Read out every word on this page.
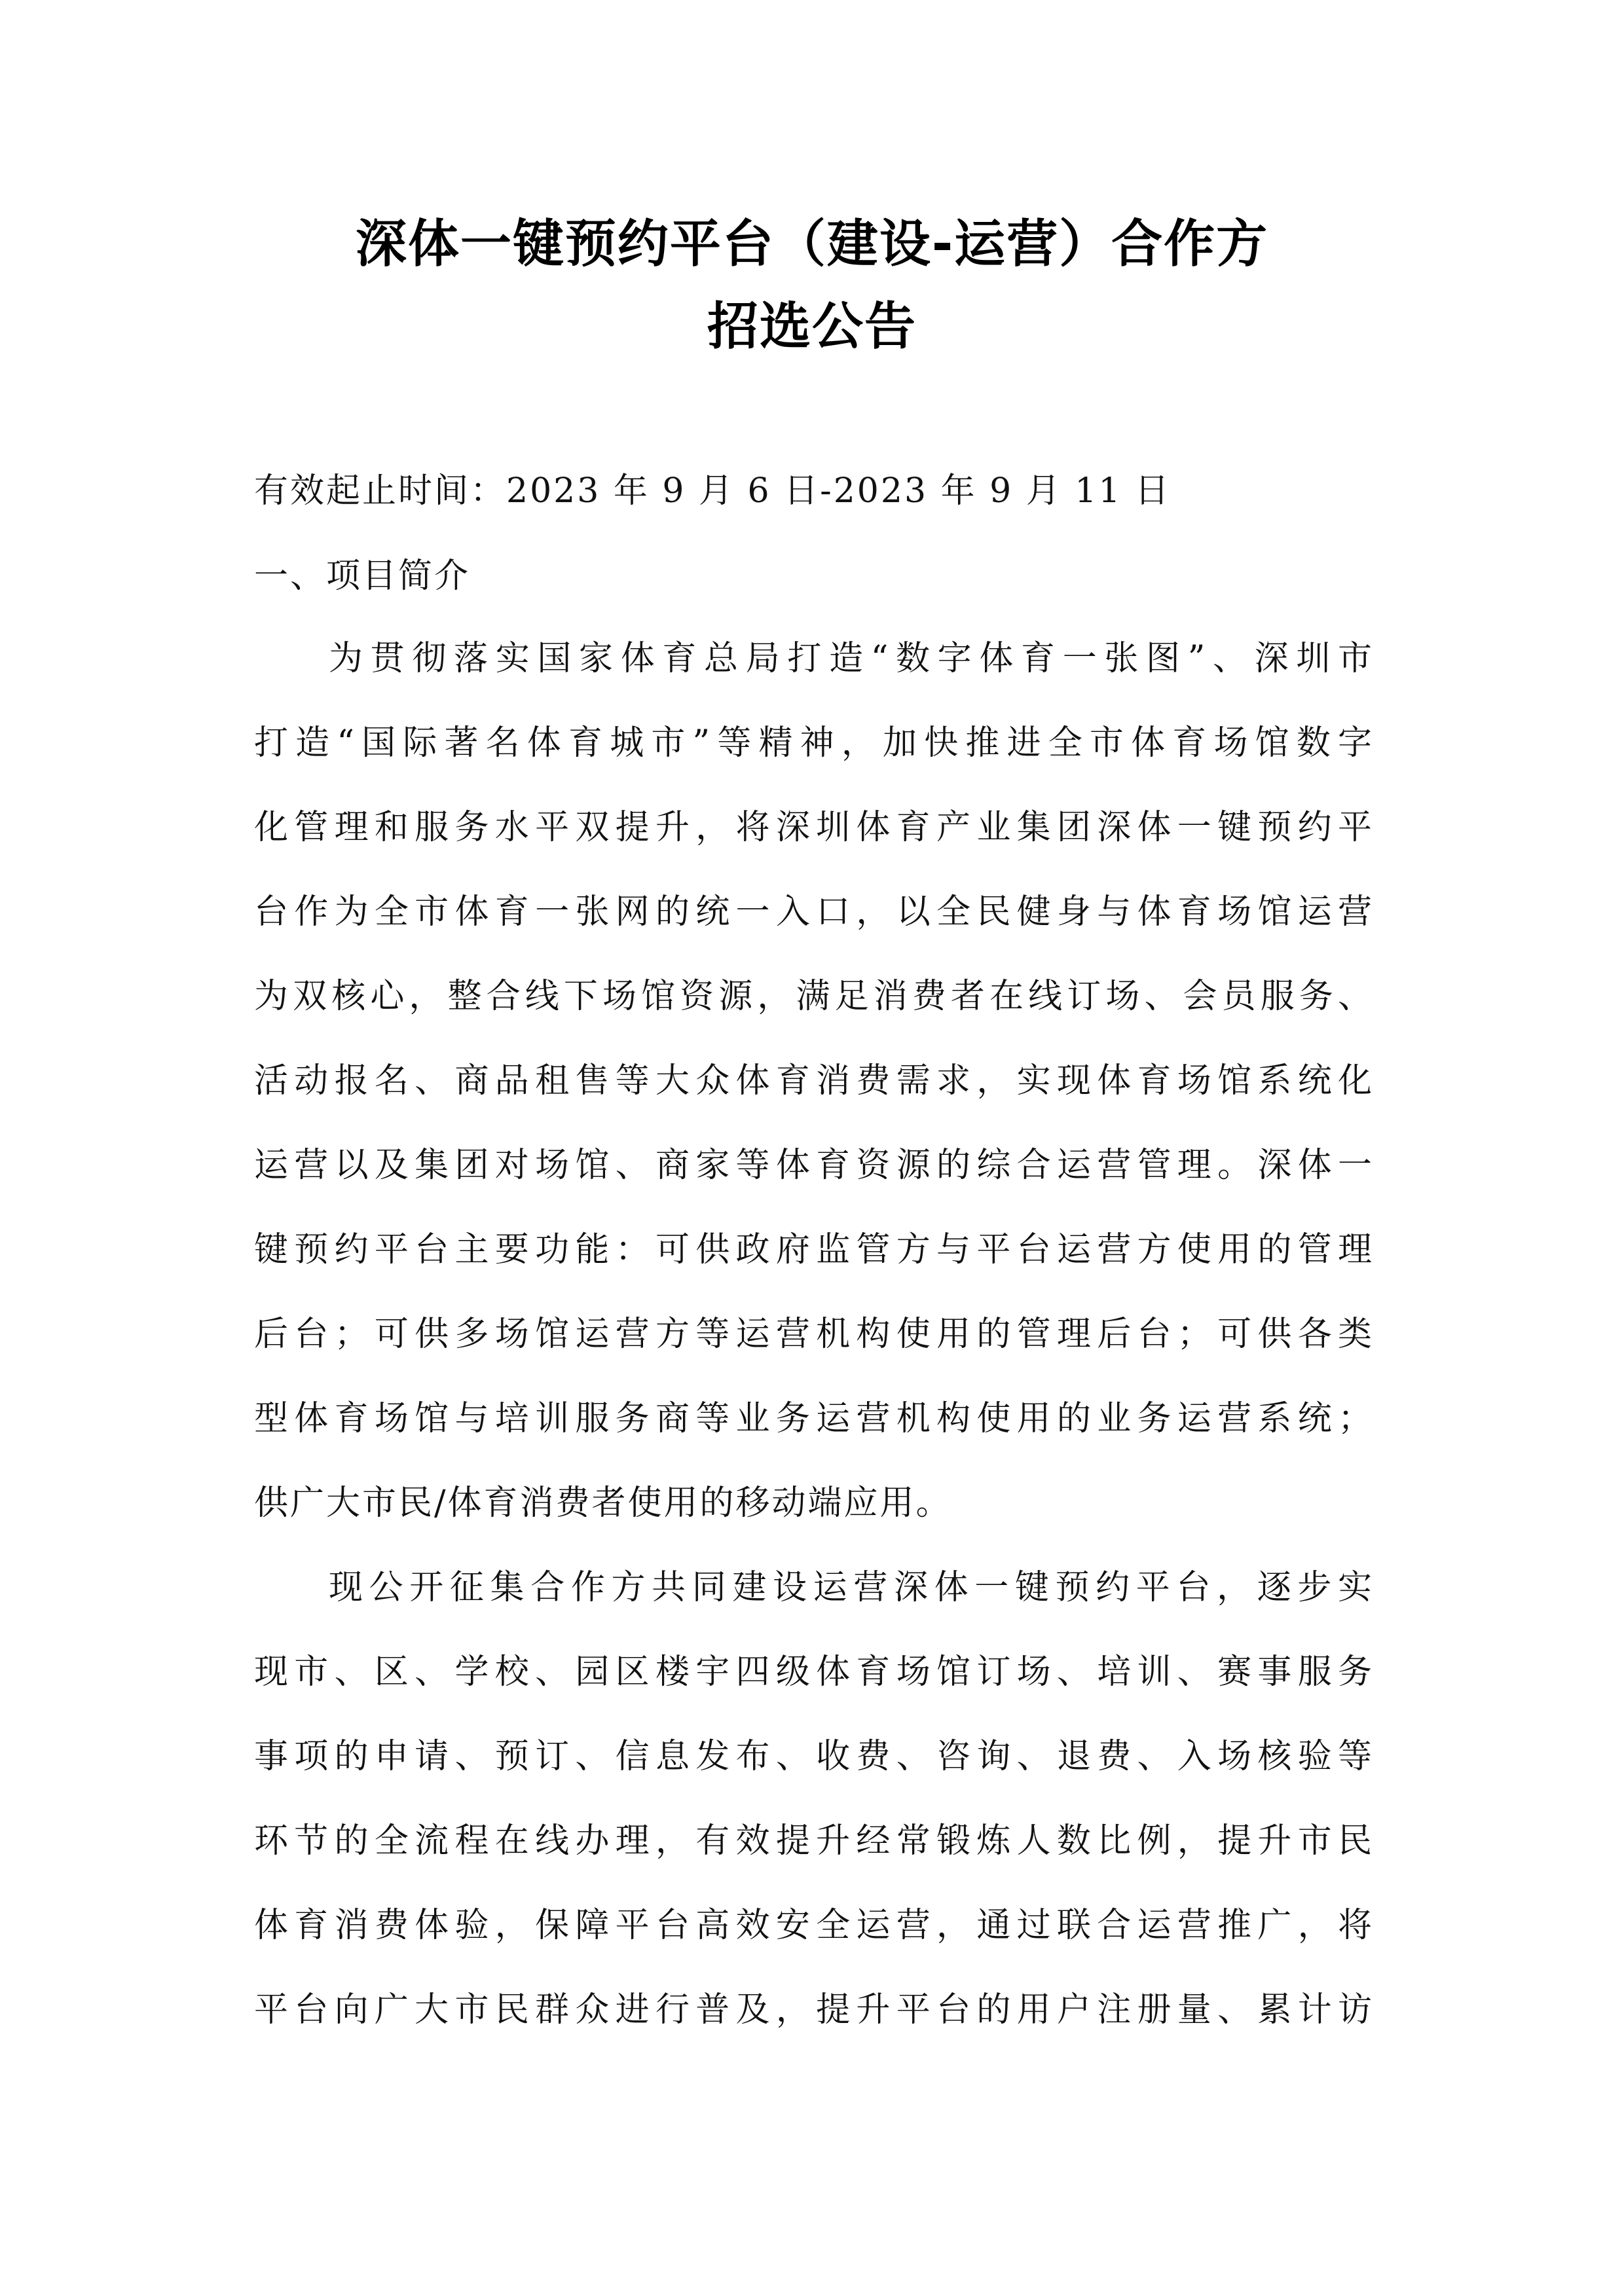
深体一键预约平台（建设-运营）合作方
招选公告
有效起止时间：2023 年 9 月 6 日-2023 年 9 月 11 日
一、项目简介
为贯彻落实国家体育总局打造“数字体育一张图”、深圳市
打造“国际著名体育城市”等精神，加快推进全市体育场馆数字
化管理和服务水平双提升，将深圳体育产业集团深体一键预约平
台作为全市体育一张网的统一入口，以全民健身与体育场馆运营
为双核心，整合线下场馆资源，满足消费者在线订场、会员服务、
活动报名、商品租售等大众体育消费需求，实现体育场馆系统化
运营以及集团对场馆、商家等体育资源的综合运营管理。深体一
键预约平台主要功能：可供政府监管方与平台运营方使用的管理
后台；可供多场馆运营方等运营机构使用的管理后台；可供各类
型体育场馆与培训服务商等业务运营机构使用的业务运营系统；
供广大市民/体育消费者使用的移动端应用。
现公开征集合作方共同建设运营深体一键预约平台，逐步实
现市、区、学校、园区楼宇四级体育场馆订场、培训、赛事服务
事项的申请、预订、信息发布、收费、咨询、退费、入场核验等
环节的全流程在线办理，有效提升经常锻炼人数比例，提升市民
体育消费体验，保障平台高效安全运营，通过联合运营推广，将
平台向广大市民群众进行普及，提升平台的用户注册量、累计访
